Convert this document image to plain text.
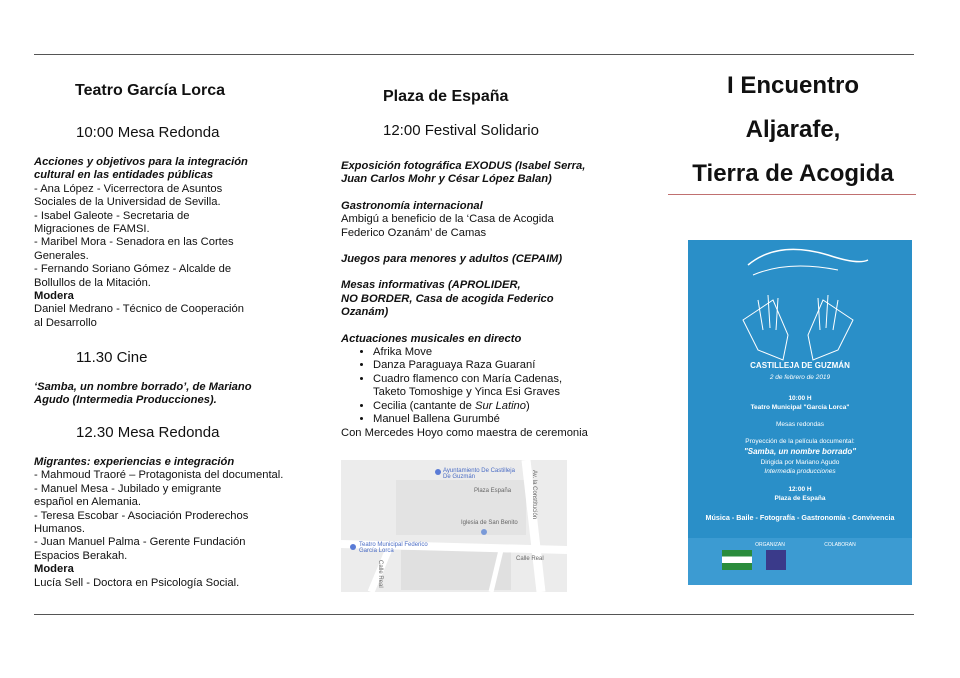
Teatro García Lorca
10:00 Mesa Redonda

Acciones y objetivos para la integración

cultural en las entidades públicas

- Ana López - Vicerrectora de Asuntos

Sociales de la Universidad de Sevilla.

- Isabel Galeote - Secretaria de

Migraciones de FAMSI.

- Maribel Mora - Senadora en las Cortes

Generales.

- Fernando Soriano Gómez - Alcalde de

Bollullos de la Mitación.

Modera

Daniel Medrano - Técnico de Cooperación

al Desarrollo

11.30 Cine

‘Samba, un nombre borrado’, de Mariano

Agudo (Intermedia Producciones).

12.30 Mesa Redonda

Migrantes: experiencias e integración

- Mahmoud Traoré – Protagonista del documental.

- Manuel Mesa - Jubilado y emigrante

español en Alemania.

- Teresa Escobar - Asociación Proderechos

Humanos.

- Juan Manuel Palma - Gerente Fundación

Espacios Berakah.

Modera

Lucía Sell - Doctora en Psicología Social.

Plaza de España
12:00 Festival Solidario

Exposición fotográfica EXODUS (Isabel Serra,

Juan Carlos Mohr y César López Balan)

Gastronomía internacional

Ambigú a beneficio de la ‘Casa de Acogida

Federico Ozanám’ de Camas

Juegos para menores y adultos (CEPAIM)

Mesas informativas (APROLIDER,

NO BORDER, Casa de acogida Federico

Ozanám)

Actuaciones musicales en directo

• Afrika Move
• Danza Paraguaya Raza Guaraní
• Cuadro flamenco con María Cadenas,
Taketo Tomoshige y Yinca Esi Graves
• Cecilia (cantante de Sur Latino)
• Manuel Ballena Gurumbé

Con Mercedes Hoyo como maestra de ceremonia

Ayuntamiento De Castilleja De Guzmán
Plaza España
Iglesia de San Benito
Teatro Municipal Federico García Lorca
Calle Real
Av. la Constitución
Calle Real
I Encuentro
Aljarafe,
Tierra de Acogida
CASTILLEJA DE GUZMÁN
2 de febrero de 2019
10:00 H
Teatro Municipal "García Lorca"
Mesas redondas
Proyección de la película documental:
"Samba, un nombre borrado"
Dirigida por Mariano Agudo
Intermedia producciones
12:00 H
Plaza de España
Música - Baile - Fotografía - Gastronomía - Convivencia
ORGANIZAN	COLABORAN
